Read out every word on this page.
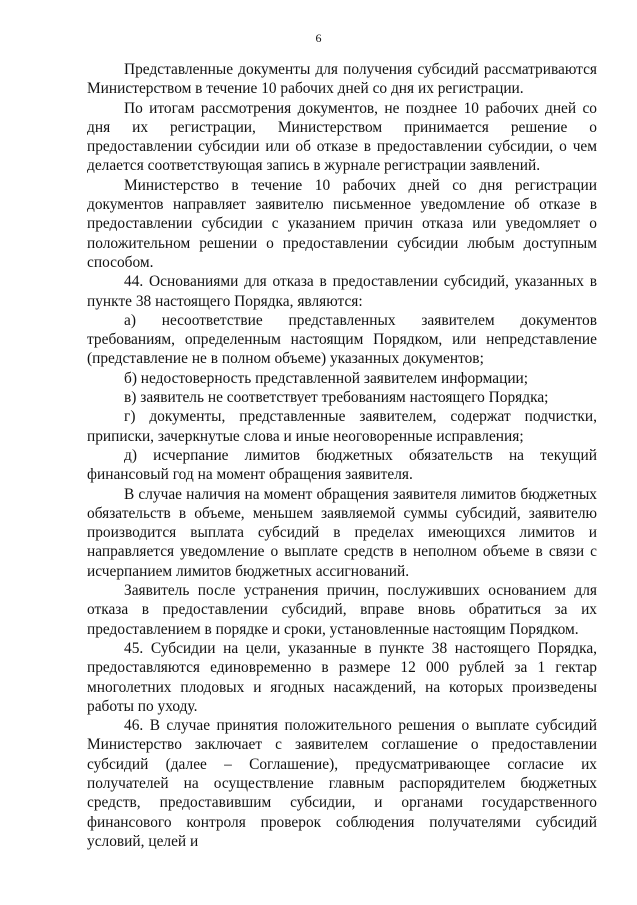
6

Представленные документы для получения субсидий рассматриваются Министерством в течение 10 рабочих дней со дня их регистрации.

По итогам рассмотрения документов, не позднее 10 рабочих дней со дня их регистрации, Министерством принимается решение о предоставлении субсидии или об отказе в предоставлении субсидии, о чем делается соответствующая запись в журнале регистрации заявлений.

Министерство в течение 10 рабочих дней со дня регистрации документов направляет заявителю письменное уведомление об отказе в предоставлении субсидии с указанием причин отказа или уведомляет о положительном решении о предоставлении субсидии любым доступным способом.

44. Основаниями для отказа в предоставлении субсидий, указанных в пункте 38 настоящего Порядка, являются:

а) несоответствие представленных заявителем документов требованиям, определенным настоящим Порядком, или непредставление (представление не в полном объеме) указанных документов;

б) недостоверность представленной заявителем информации;

в) заявитель не соответствует требованиям настоящего Порядка;

г) документы, представленные заявителем, содержат подчистки, приписки, зачеркнутые слова и иные неоговоренные исправления;

д) исчерпание лимитов бюджетных обязательств на текущий финансовый год на момент обращения заявителя.

В случае наличия на момент обращения заявителя лимитов бюджетных обязательств в объеме, меньшем заявляемой суммы субсидий, заявителю производится выплата субсидий в пределах имеющихся лимитов и направляется уведомление о выплате средств в неполном объеме в связи с исчерпанием лимитов бюджетных ассигнований.

Заявитель после устранения причин, послуживших основанием для отказа в предоставлении субсидий, вправе вновь обратиться за их предоставлением в порядке и сроки, установленные настоящим Порядком.

45. Субсидии на цели, указанные в пункте 38 настоящего Порядка, предоставляются единовременно в размере 12 000 рублей за 1 гектар многолетних плодовых и ягодных насаждений, на которых произведены работы по уходу.

46. В случае принятия положительного решения о выплате субсидий Министерство заключает с заявителем соглашение о предоставлении субсидий (далее – Соглашение), предусматривающее согласие их получателей на осуществление главным распорядителем бюджетных средств, предоставившим субсидии, и органами государственного финансового контроля проверок соблюдения получателями субсидий условий, целей и
